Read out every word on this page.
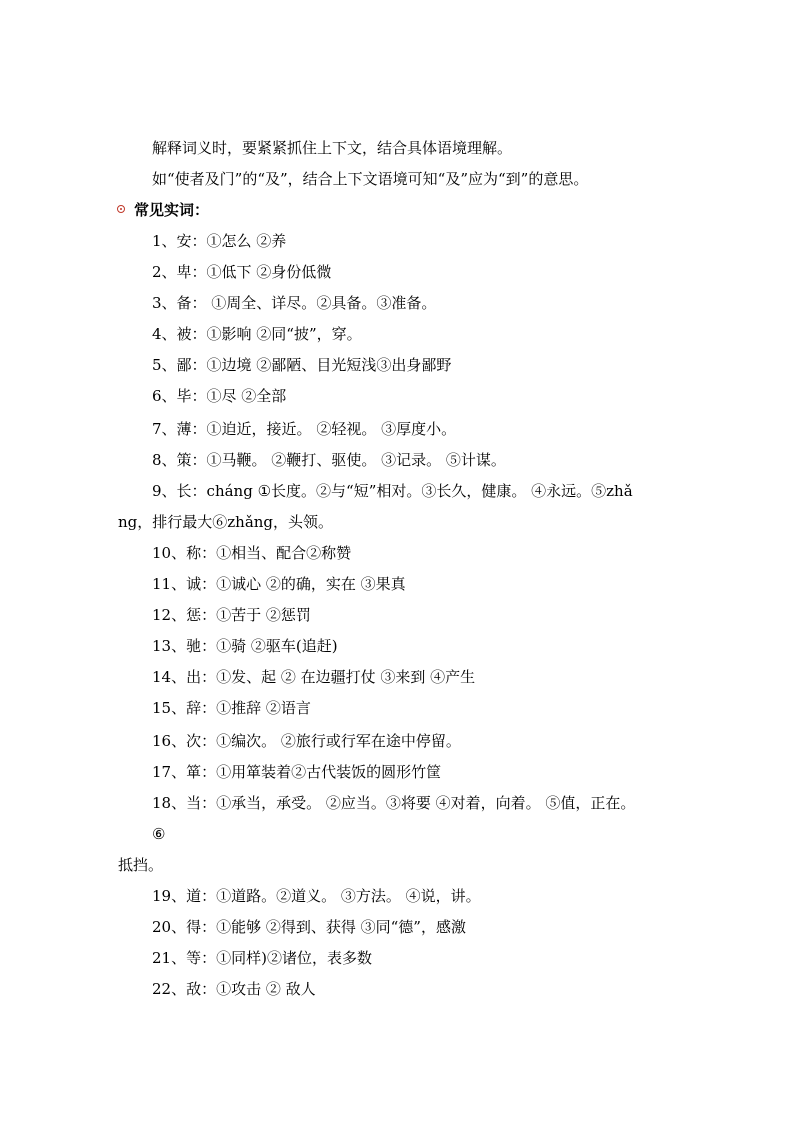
解释词义时，要紧紧抓住上下文，结合具体语境理解。
如“使者及门”的“及”，结合上下文语境可知“及”应为“到”的意思。
常见实词：
1、安：①怎么 ②养
2、卑：①低下 ②身份低微
3、备： ①周全、详尽。②具备。③准备。
4、被：①影响 ②同“披”，穿。
5、鄙：①边境 ②鄙陋、目光短浅③出身鄙野
6、毕：①尽 ②全部
7、薄：①迫近，接近。 ②轻视。 ③厚度小。
8、策：①马鞭。 ②鞭打、驱使。 ③记录。 ⑤计谋。
9、长：cháng ①长度。②与“短”相对。③长久，健康。 ④永远。⑤zhǎ
ng，排行最大⑥zhǎng，头领。
10、称：①相当、配合②称赞
11、诚：①诚心 ②的确，实在 ③果真
12、惩：①苦于 ②惩罚
13、驰：①骑 ②驱车(追赶)
14、出：①发、起 ② 在边疆打仗 ③来到 ④产生
15、辞：①推辞 ②语言
16、次：①编次。 ②旅行或行军在途中停留。
17、箪：①用箪装着②古代装饭的圆形竹筐
18、当：①承当，承受。 ②应当。③将要 ④对着，向着。 ⑤值，正在。
⑥
抵挡。
19、道：①道路。②道义。 ③方法。 ④说，讲。
20、得：①能够 ②得到、获得 ③同“德”，感激
21、等：①同样)②诸位，表多数
22、敌：①攻击 ② 敌人
